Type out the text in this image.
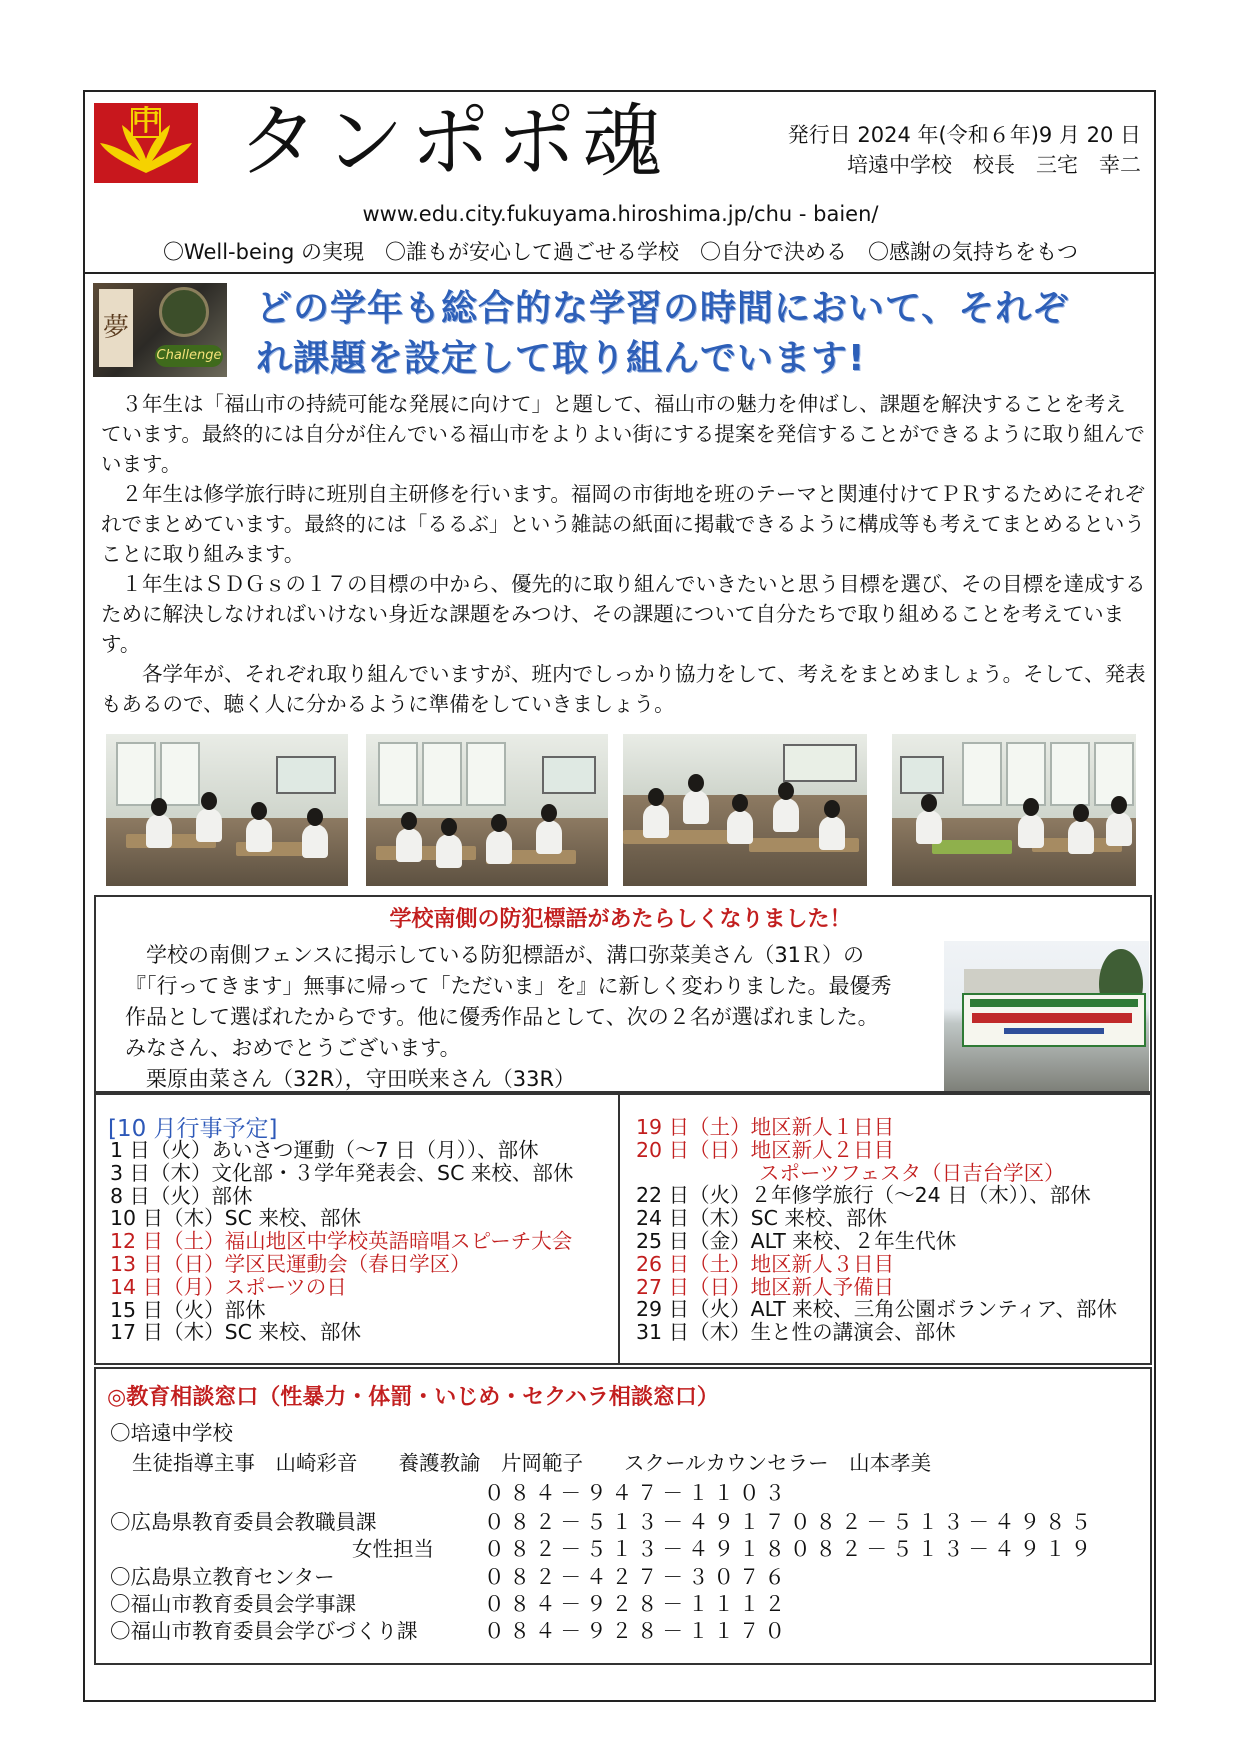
中 タンポポ魂	発行日 2024 年(令和６年)9 月 20 日
培遠中学校　校長　三宅　幸二
www.edu.city.fukuyama.hiroshima.jp/chu - baien/
〇Well-being の実現　〇誰もが安心して過ごせる学校　〇自分で決める　〇感謝の気持ちをもつ
夢
Challenge
どの学年も総合的な学習の時間において、それぞ
れ課題を設定して取り組んでいます!

３年生は「福山市の持続可能な発展に向けて」と題して、福山市の魅力を伸ばし、課題を解決することを考えています。最終的には自分が住んでいる福山市をよりよい街にする提案を発信することができるように取り組んでいます。

２年生は修学旅行時に班別自主研修を行います。福岡の市街地を班のテーマと関連付けてＰＲするためにそれぞれでまとめています。最終的には「るるぶ」という雑誌の紙面に掲載できるように構成等も考えてまとめるということに取り組みます。

１年生はＳＤＧｓの１７の目標の中から、優先的に取り組んでいきたいと思う目標を選び、その目標を達成するために解決しなければいけない身近な課題をみつけ、その課題について自分たちで取り組めることを考えています。

各学年が、それぞれ取り組んでいますが、班内でしっかり協力をして、考えをまとめましょう。そして、発表もあるので、聴く人に分かるように準備をしていきましょう。

学校南側の防犯標語があたらしくなりました！

　学校の南側フェンスに掲示している防犯標語が、溝口弥菜美さん（31Ｒ）の

『「行ってきます」無事に帰って「ただいま」を』に新しく変わりました。最優秀

作品として選ばれたからです。他に優秀作品として、次の２名が選ばれました。

みなさん、おめでとうございます。

　栗原由菜さん（32R），守田咲来さん（33R）

[10 月行事予定]
1 日（火）あいさつ運動（～7 日（月））、部休
3 日（木）文化部・３学年発表会、SC 来校、部休
8 日（火）部休
10 日（木）SC 来校、部休
12 日（土）福山地区中学校英語暗唱スピーチ大会
13 日（日）学区民運動会（春日学区）
14 日（月）スポーツの日
15 日（火）部休
17 日（木）SC 来校、部休
19 日（土）地区新人１日目
20 日（日）地区新人２日目
　　　　　　スポーツフェスタ（日吉台学区）
22 日（火）２年修学旅行（～24 日（木））、部休
24 日（木）SC 来校、部休
25 日（金）ALT 来校、２年生代休
26 日（土）地区新人３日目
27 日（日）地区新人予備日
29 日（火）ALT 来校、三角公園ボランティア、部休
31 日（木）生と性の講演会、部休
◎教育相談窓口（性暴力・体罰・いじめ・セクハラ相談窓口）
〇培遠中学校
生徒指導主事　山崎彩音　　養護教諭　片岡範子　　スクールカウンセラー　山本孝美
０８４－９４７－１１０３
〇広島県教育委員会教職員課	０８２－５１３－４９１７ ０８２－５１３－４９８５
女性担当 ０８２－５１３－４９１８ ０８２－５１３－４９１９
〇広島県立教育センター	０８２－４２７－３０７６
〇福山市教育委員会学事課	０８４－９２８－１１１２
〇福山市教育委員会学びづくり課	０８４－９２８－１１７０
